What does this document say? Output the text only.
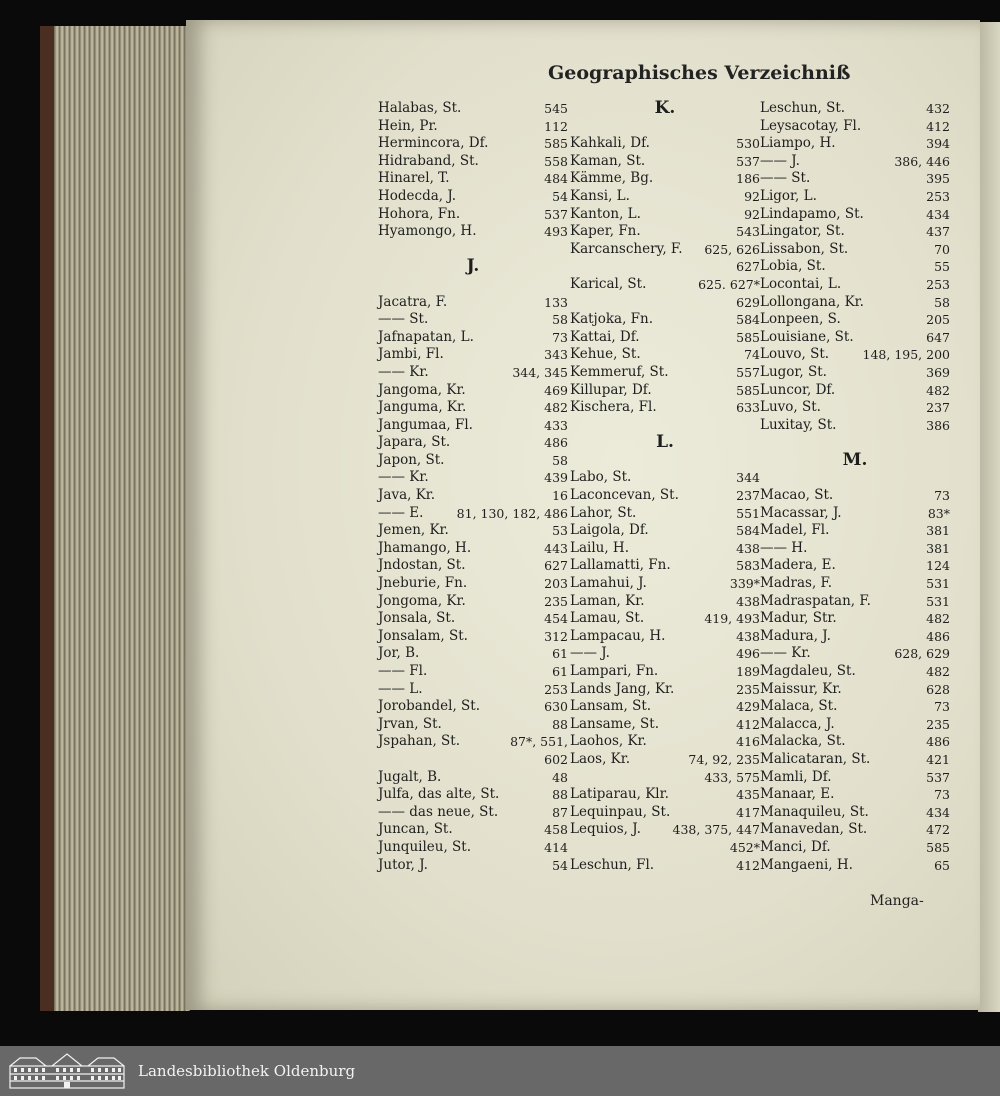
Geographisches Verzeichniß
Halabas, St.	545
Hein, Pr.	112
Hermincora, Df.	585
Hidraband, St.	558
Hinarel, T.	484
Hodecda, J.	54
Hohora, Fn.	537
Hyamongo, H.	493
J.
Jacatra, F.	133
—— St.	58
Jafnapatan, L.	73
Jambi, Fl.	343
—— Kr.	344, 345
Jangoma, Kr.	469
Janguma, Kr.	482
Jangumaa, Fl.	433
Japara, St.	486
Japon, St.	58
—— Kr.	439
Java, Kr.	16
—— E.	81, 130, 182, 486
Jemen, Kr.	53
Jhamango, H.	443
Jndostan, St.	627
Jneburie, Fn.	203
Jongoma, Kr.	235
Jonsala, St.	454
Jonsalam, St.	312
Jor, B.	61
—— Fl.	61
—— L.	253
Jorobandel, St.	630
Jrvan, St.	88
Jspahan, St.	87*, 551,
602
Jugalt, B.	48
Julfa, das alte, St.	88
—— das neue, St.	87
Juncan, St.	458
Junquileu, St.	414
Jutor, J.	54
K.
Kahkali, Df.	530
Kaman, St.	537
Kämme, Bg.	186
Kansi, L.	92
Kanton, L.	92
Kaper, Fn.	543
Karcanschery, F. 625, 626
627
Karical, St.	625. 627*
629
Katjoka, Fn.	584
Kattai, Df.	585
Kehue, St.	74
Kemmeruf, St.	557
Killupar, Df.	585
Kischera, Fl.	633
L.
Labo, St.	344
Laconcevan, St.	237
Lahor, St.	551
Laigola, Df.	584
Lailu, H.	438
Lallamatti, Fn.	583
Lamahui, J.	339*
Laman, Kr.	438
Lamau, St.	419, 493
Lampacau, H.	438
—— J.	496
Lampari, Fn.	189
Lands Jang, Kr.	235
Lansam, St.	429
Lansame, St.	412
Laohos, Kr.	416
Laos, Kr.	74, 92, 235
433, 575
Latiparau, Klr.	435
Lequinpau, St.	417
Lequios, J.	438, 375, 447
452*
Leschun, Fl.	412
Leschun, St.	432
Leysacotay, Fl.	412
Liampo, H.	394
—— J.	386, 446
—— St.	395
Ligor, L.	253
Lindapamo, St.	434
Lingator, St.	437
Lissabon, St.	70
Lobia, St.	55
Locontai, L.	253
Lollongana, Kr.	58
Lonpeen, S.	205
Louisiane, St.	647
Louvo, St.	148, 195, 200
Lugor, St.	369
Luncor, Df.	482
Luvo, St.	237
Luxitay, St.	386
M.
Macao, St.	73
Macassar, J.	83*
Madel, Fl.	381
—— H.	381
Madera, E.	124
Madras, F.	531
Madraspatan, F.	531
Madur, Str.	482
Madura, J.	486
—— Kr.	628, 629
Magdaleu, St.	482
Maissur, Kr.	628
Malaca, St.	73
Malacca, J.	235
Malacka, St.	486
Malicataran, St.	421
Mamli, Df.	537
Manaar, E.	73
Manaquileu, St.	434
Manavedan, St.	472
Manci, Df.	585
Mangaeni, H.	65
Manga-
Landesbibliothek Oldenburg
